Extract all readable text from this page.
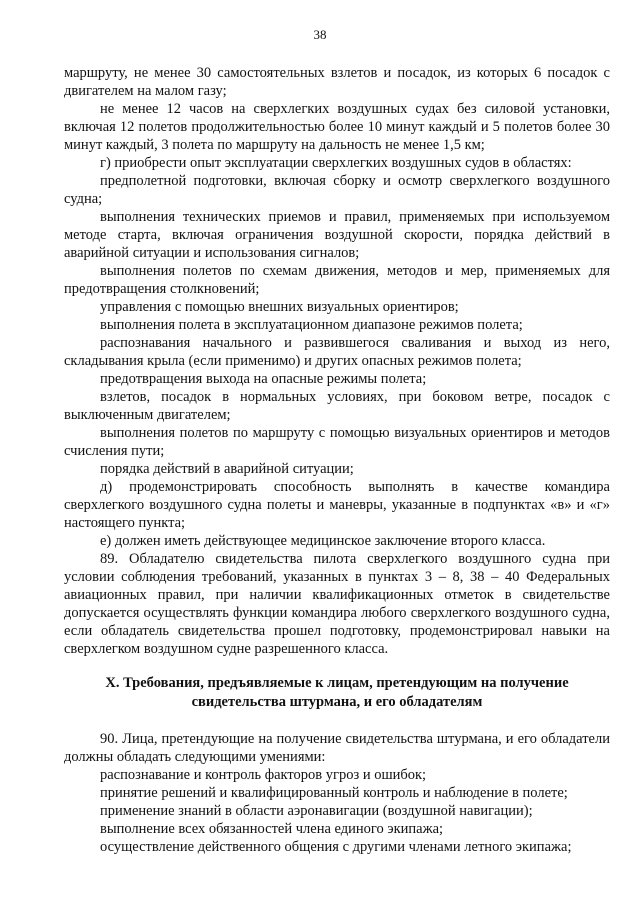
38

маршруту, не менее 30 самостоятельных взлетов и посадок, из которых 6 посадок с двигателем на малом газу;

не менее 12 часов на сверхлегких воздушных судах без силовой установки, включая 12 полетов продолжительностью более 10 минут каждый и 5 полетов более 30 минут каждый, 3 полета по маршруту на дальность не менее 1,5 км;

г) приобрести опыт эксплуатации сверхлегких воздушных судов в областях:

предполетной подготовки, включая сборку и осмотр сверхлегкого воздушного судна;

выполнения технических приемов и правил, применяемых при используемом методе старта, включая ограничения воздушной скорости, порядка действий в аварийной ситуации и использования сигналов;

выполнения полетов по схемам движения, методов и мер, применяемых для предотвращения столкновений;

управления с помощью внешних визуальных ориентиров;

выполнения полета в эксплуатационном диапазоне режимов полета;

распознавания начального и развившегося сваливания и выход из него, складывания крыла (если применимо) и других опасных режимов полета;

предотвращения выхода на опасные режимы полета;

взлетов, посадок в нормальных условиях, при боковом ветре, посадок с выключенным двигателем;

выполнения полетов по маршруту с помощью визуальных ориентиров и методов счисления пути;

порядка действий в аварийной ситуации;

д) продемонстрировать способность выполнять в качестве командира сверхлегкого воздушного судна полеты и маневры, указанные в подпунктах «в» и «г» настоящего пункта;

е) должен иметь действующее медицинское заключение второго класса.

89. Обладателю свидетельства пилота сверхлегкого воздушного судна при условии соблюдения требований, указанных в пунктах 3 – 8, 38 – 40 Федеральных авиационных правил, при наличии квалификационных отметок в свидетельстве допускается осуществлять функции командира любого сверхлегкого воздушного судна, если обладатель свидетельства прошел подготовку, продемонстрировал навыки на сверхлегком воздушном судне разрешенного класса.

X. Требования, предъявляемые к лицам, претендующим на получение
свидетельства штурмана, и его обладателям

90. Лица, претендующие на получение свидетельства штурмана, и его обладатели должны обладать следующими умениями:

распознавание и контроль факторов угроз и ошибок;

принятие решений и квалифицированный контроль и наблюдение в полете;

применение знаний в области аэронавигации (воздушной навигации);

выполнение всех обязанностей члена единого экипажа;

осуществление действенного общения с другими членами летного экипажа;
